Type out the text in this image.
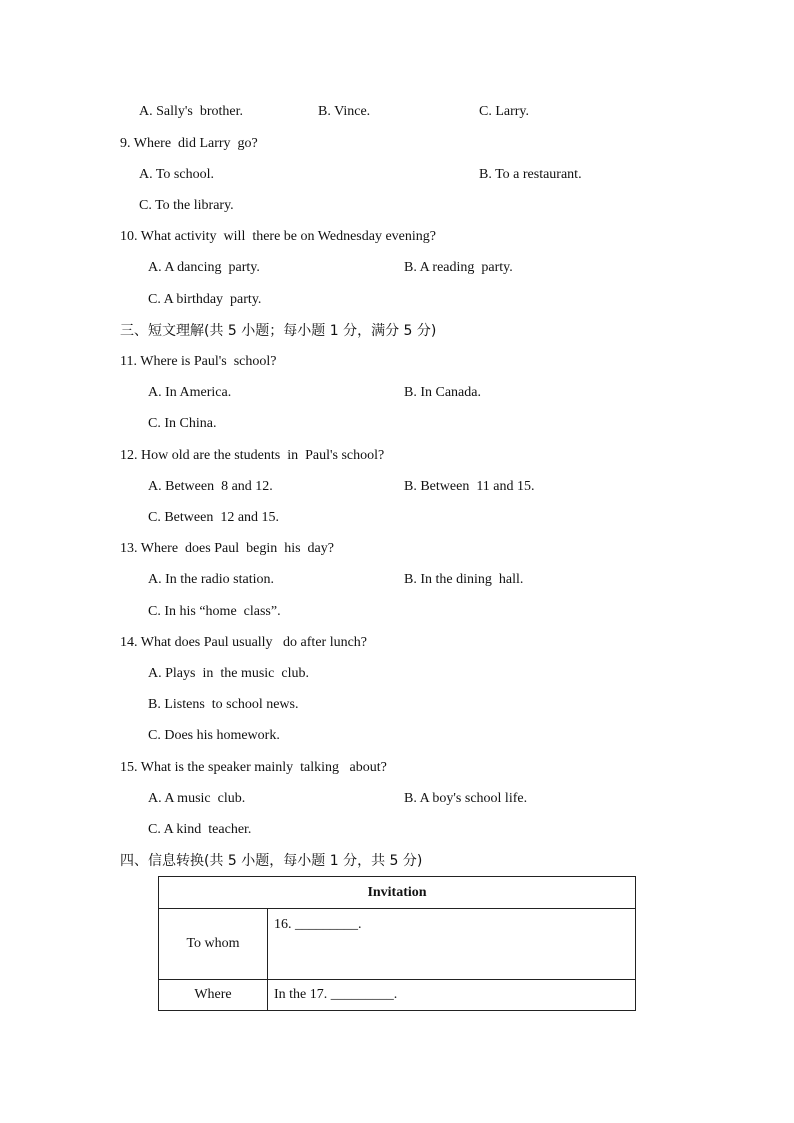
A. Sally's  brother.	B. Vince.	C. Larry.
9. Where  did Larry  go?
A. To school.	B. To a restaurant.
C. To the library.
10. What activity  will  there be on Wednesday evening?
A. A dancing  party.	B. A reading  party.
C. A birthday  party.
三、短文理解(共 5 小题；每小题 1 分，满分 5 分)
11. Where is Paul's  school?
A. In America.	B. In Canada.
C. In China.
12. How old are the students  in  Paul's school?
A. Between  8 and 12.	B. Between  11 and 15.
C. Between  12 and 15.
13. Where  does Paul  begin  his  day?
A. In the radio station.	B. In the dining  hall.
C. In his “home  class”.
14. What does Paul usually   do after lunch?
A. Plays  in  the music  club.
B. Listens  to school news.
C. Does his homework.
15. What is the speaker mainly  talking   about?
A. A music  club.	B. A boy's school life.
C. A kind  teacher.
四、信息转换(共 5 小题，每小题 1 分，共 5 分)
Invitation	
To whom	16. _________.
Where	In the 17. _________.
